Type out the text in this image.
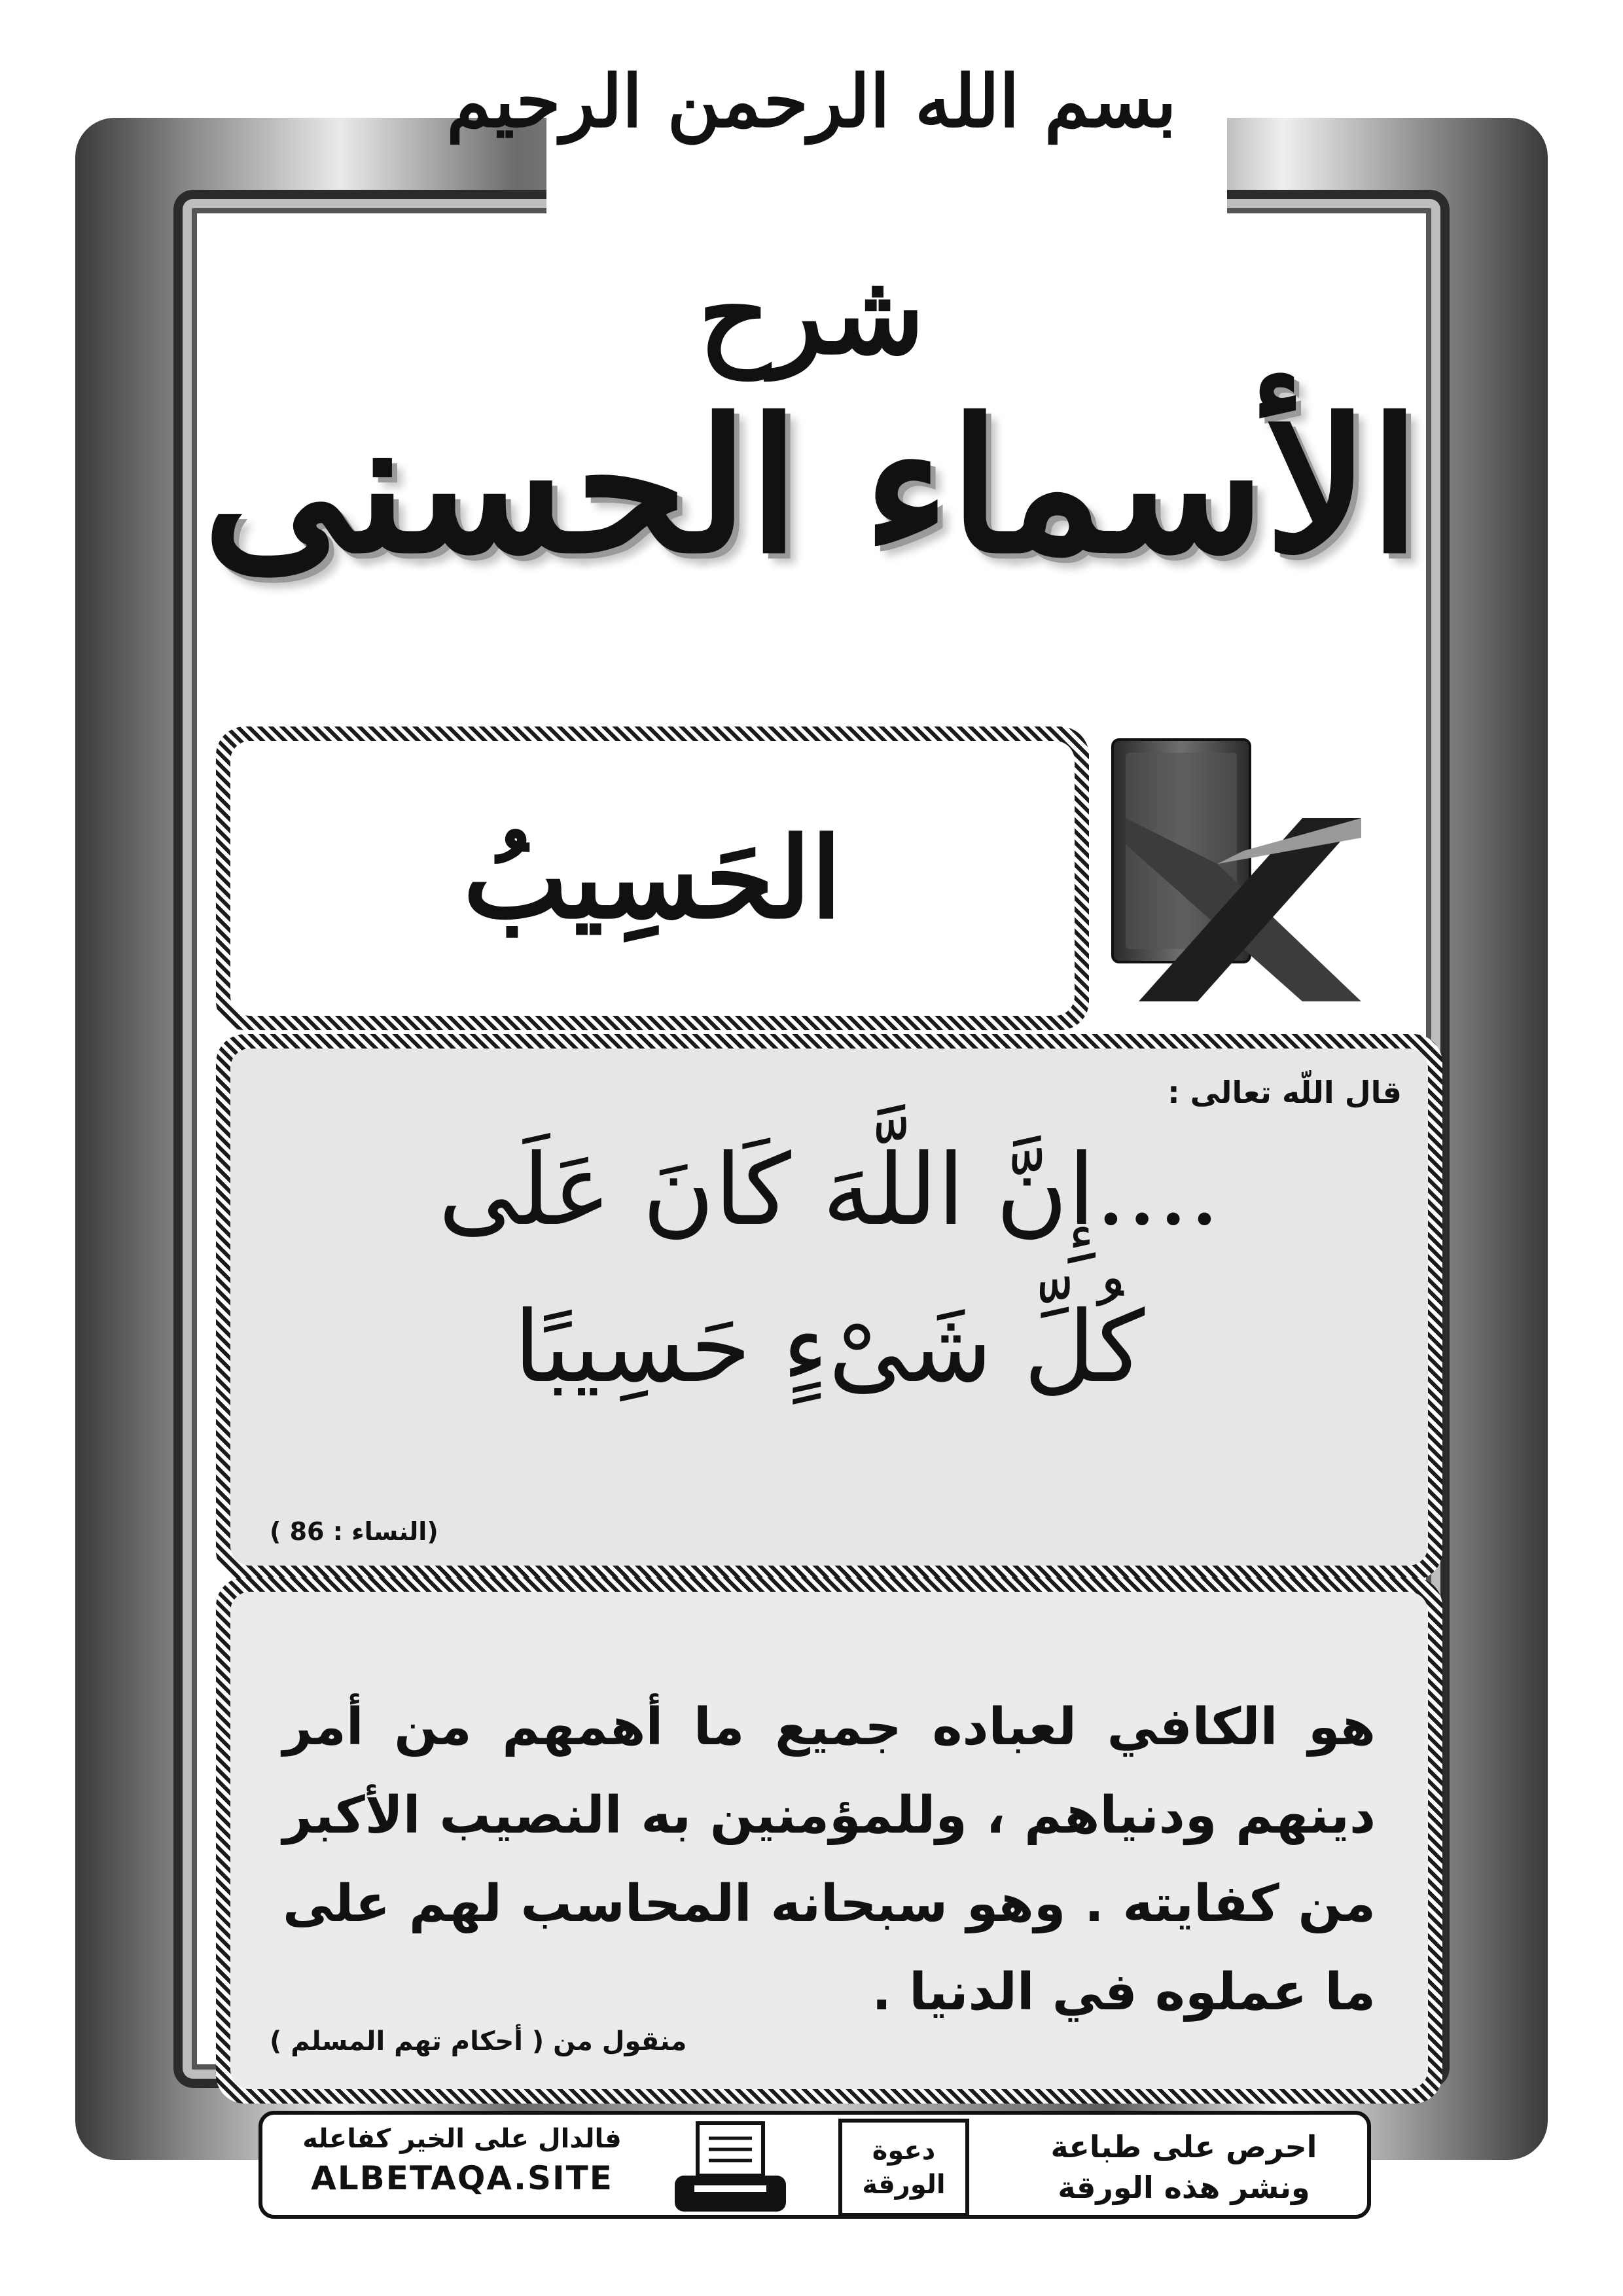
بسم الله الرحمن الرحيم
شرح
الأسماء الحسنى
الحَسِيبُ
قال اللّه تعالى :
....إِنَّ اللَّهَ كَانَ عَلَى
كُلِّ شَىْءٍ حَسِيبًا
(النساء : 86 )
هو الكافي لعباده جميع ما أهمهم من أمر دينهم ودنياهم ، وللمؤمنين به النصيب الأكبر من كفايته . وهو سبحانه المحاسب لهم على ما عملوه في الدنيا .
منقول من ( أحكام تهم المسلم )
فالدال على الخير كفاعله
ALBETAQA.SITE
دعوة الورقة
احرص على طباعة
ونشر هذه الورقة
